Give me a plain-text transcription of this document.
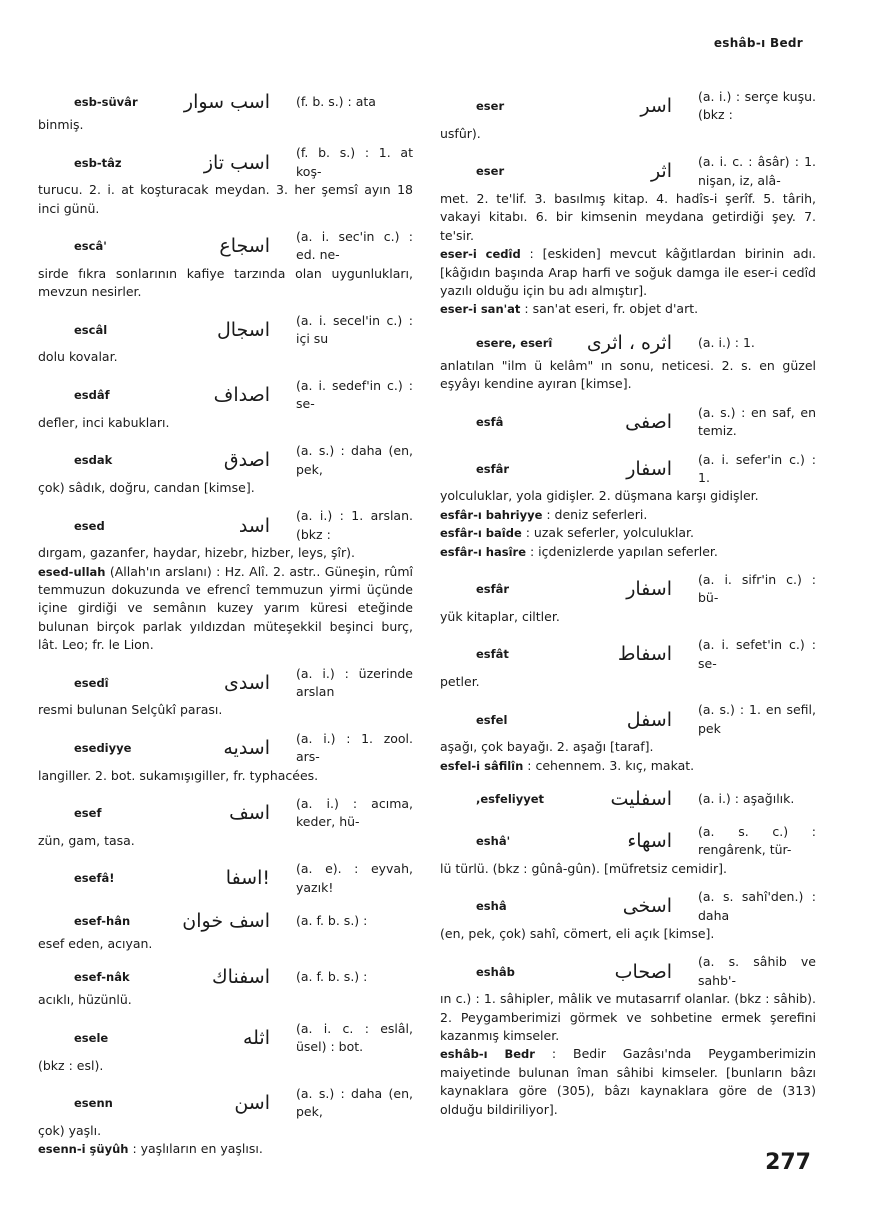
eshâb-ı Bedr
esb-süvâr	اسب سوار (f. b. s.) : ata
binmiş.
esb-tâz	اسب تاز (f. b. s.) : 1. at koş-
turucu. 2. i. at koşturacak meydan. 3. her şemsî ayın 18 inci günü.
escâ'	اسجاع (a. i. sec'in c.) : ed. ne-
sirde fıkra sonlarının kafiye tarzında olan uygunlukları, mevzun nesirler.
escâl	اسجال (a. i. secel'in c.) : içi su
dolu kovalar.
esdâf	اصداف (a. i. sedef'in c.) : se-
defler, inci kabukları.
esdak	اصدق (a. s.) : daha (en, pek,
çok) sâdık, doğru, candan [kimse].
esed	اسد (a. i.) : 1. arslan. (bkz :
dırgam, gazanfer, haydar, hizebr, hizber, leys, şîr).
esed-ullah (Allah'ın arslanı) : Hz. Alî. 2. astr.. Güneşin, rûmî temmuzun dokuzunda ve efrencî temmuzun yirmi üçünde içine girdiği ve semânın kuzey yarım küresi eteğinde bulunan birçok parlak yıldızdan müteşekkil beşinci burç, lât. Leo; fr. le Lion.
esedî	اسدى (a. i.) : üzerinde arslan
resmi bulunan Selçûkî parası.
esediyye	اسديه (a. i.) : 1. zool. ars-
langiller. 2. bot. sukamışıgiller, fr. typhacées.
esef	اسف (a. i.) : acıma, keder, hü-
zün, gam, tasa.
esefâ!	!اسفا (a. e). : eyvah, yazık!
esef-hân	اسف خوان (a. f. b. s.) :
esef eden, acıyan.
esef-nâk	اسفناك (a. f. b. s.) :
acıklı, hüzünlü.
esele	اثله (a. i. c. : eslâl, üsel) : bot.
(bkz : esl).
esenn	اسن (a. s.) : daha (en, pek,
çok) yaşlı.
esenn-i şüyûh : yaşlıların en yaşlısı.
eser	اسر (a. i.) : serçe kuşu. (bkz :
usfûr).
eser	اثر (a. i. c. : âsâr) : 1. nişan, iz, alâ-
met. 2. te'lif. 3. basılmış kitap. 4. hadîs-i şerîf. 5. târih, vakayi kitabı. 6. bir kimsenin meydana getirdiği şey. 7. te'sir.
eser-i cedîd : [eskiden] mevcut kâğıtlardan birinin adı. [kâğıdın başında Arap harfi ve soğuk damga ile eser-i cedîd yazılı olduğu için bu adı almıştır].
eser-i san'at : san'at eseri, fr. objet d'art.
esere, eserî	اثره ، اثرى (a. i.) : 1.
anlatılan "ilm ü kelâm" ın sonu, neticesi. 2. s. en güzel eşyâyı kendine ayıran [kimse].
esfâ	اصفى (a. s.) : en saf, en temiz.
esfâr	اسفار (a. i. sefer'in c.) : 1.
yolculuklar, yola gidişler. 2. düşmana karşı gidişler.
esfâr-ı bahriyye : deniz seferleri.
esfâr-ı baîde : uzak seferler, yolculuklar.
esfâr-ı hasîre : içdenizlerde yapılan seferler.
esfâr	اسفار (a. i. sifr'in c.) : bü-
yük kitaplar, ciltler.
esfât	اسفاط (a. i. sefet'in c.) : se-
petler.
esfel	اسفل (a. s.) : 1. en sefil, pek
aşağı, çok bayağı. 2. aşağı [taraf].
esfel-i sâfilîn : cehennem. 3. kıç, makat.
,esfeliyyet	اسفليت (a. i.) : aşağılık.
eshâ'	اسهاء (a. s. c.) : rengârenk, tür-
lü türlü. (bkz : gûnâ-gûn). [müfretsiz cemidir].
eshâ	اسخى (a. s. sahî'den.) : daha
(en, pek, çok) sahî, cömert, eli açık [kimse].
eshâb	اصحاب (a. s. sâhib ve sahb'-
ın c.) : 1. sâhipler, mâlik ve mutasarrıf olanlar. (bkz : sâhib). 2. Peygamberimizi görmek ve sohbetine ermek şerefini kazanmış kimseler.
eshâb-ı Bedr : Bedir Gazâsı'nda Peygamberimizin maiyetinde bulunan îman sâhibi kimseler. [bunların bâzı kaynaklara göre (305), bâzı kaynaklara göre de (313) olduğu bildiriliyor].
277
